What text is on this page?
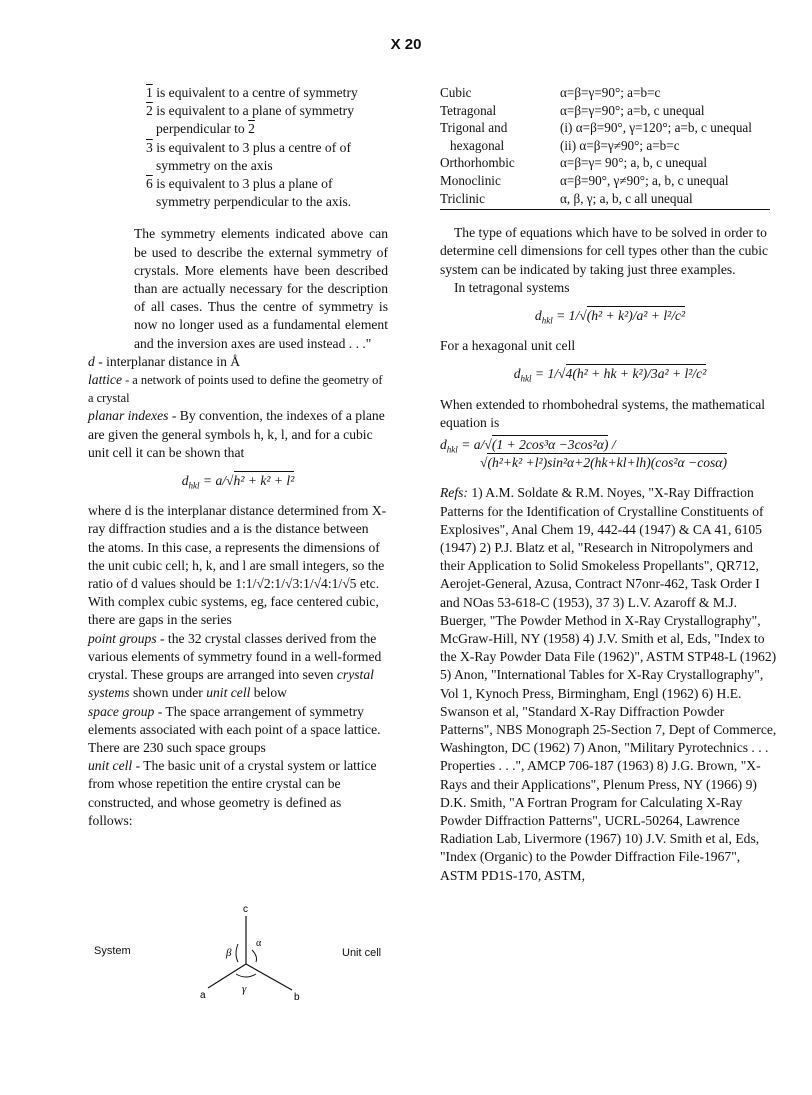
X 20

1 is equivalent to a centre of symmetry

2 is equivalent to a plane of symmetry perpendicular to 2

3 is equivalent to 3 plus a centre of of symmetry on the axis

6 is equivalent to 3 plus a plane of symmetry perpendicular to the axis.

The symmetry elements indicated above can be used to describe the external symmetry of crystals. More elements have been described than are actually necessary for the description of all cases. Thus the centre of symmetry is now no longer used as a fundamental element and the inversion axes are used instead . . ."

d - interplanar distance in Å

lattice - a network of points used to define the geometry of a crystal

planar indexes - By convention, the indexes of a plane are given the general symbols h, k, l, and for a cubic unit cell it can be shown that

$d_{hkl} = a/√h^2 + k^2 + l^2$

where d is the interplanar distance determined from X-ray diffraction studies and a is the distance between the atoms. In this case, a represents the dimensions of the unit cubic cell; h, k, and l are small integers, so the ratio of d values should be 1:1/√2:1/√3:1/√4:1/√5 etc. With complex cubic systems, eg, face centered cubic, there are gaps in the series

point groups - the 32 crystal classes derived from the various elements of symmetry found in a well-formed crystal. These groups are arranged into seven crystal systems shown under unit cell below

space group - The space arrangement of symmetry elements associated with each point of a space lattice. There are 230 such space groups

unit cell - The basic unit of a crystal system or lattice from whose repetition the entire crystal can be constructed, and whose geometry is defined as follows:

System	Unit cell
c
a	b
α
β
γ
Cubic	α=β=γ=90°; a=b=c
Tetragonal	α=β=γ=90°; a=b, c unequal
Trigonal and	(i) α=β=90°, γ=120°; a=b, c unequal
hexagonal	(ii) α=β=γ≠90°; a=b=c
Orthorhombic	α=β=γ= 90°; a, b, c unequal
Monoclinic	α=β=90°, γ≠90°; a, b, c unequal
Triclinic	α, β, γ; a, b, c all unequal

The type of equations which have to be solved in order to determine cell dimensions for cell types other than the cubic system can be indicated by taking just three examples.

In tetragonal systems

$d_{hkl} = 1/√(h^2 + k^2)/a^2 + l^2/c^2$

For a hexagonal unit cell

$d_{hkl} = 1/√4(h^2$ + hk + k²)/3a² + l²/c²

When extended to rhombohedral systems, the mathematical equation is

$d_{hkl} = a/√(1 + 2\cos^3\alpha -3\cos^2\alpha)$ /
√(h²+k² +l²)sin²α+2(hk+kl+lh)(cos²α −cosα)

Refs: 1) A.M. Soldate & R.M. Noyes, "X-Ray Diffraction Patterns for the Identification of Crystalline Constituents of Explosives", Anal Chem 19, 442-44 (1947) & CA 41, 6105 (1947) 2) P.J. Blatz et al, "Research in Nitropolymers and their Application to Solid Smokeless Propellants", QR712, Aerojet-General, Azusa, Contract N7onr-462, Task Order I and NOas 53-618-C (1953), 37 3) L.V. Azaroff & M.J. Buerger, "The Powder Method in X-Ray Crystallography", McGraw-Hill, NY (1958) 4) J.V. Smith et al, Eds, "Index to the X-Ray Powder Data File (1962)", ASTM STP48-L (1962) 5) Anon, "International Tables for X-Ray Crystallography", Vol 1, Kynoch Press, Birmingham, Engl (1962) 6) H.E. Swanson et al, "Standard X-Ray Diffraction Powder Patterns", NBS Monograph 25-Section 7, Dept of Commerce, Washington, DC (1962) 7) Anon, "Military Pyrotechnics . . . Properties . . .", AMCP 706-187 (1963) 8) J.G. Brown, "X-Rays and their Applications", Plenum Press, NY (1966) 9) D.K. Smith, "A Fortran Program for Calculating X-Ray Powder Diffraction Patterns", UCRL-50264, Lawrence Radiation Lab, Livermore (1967) 10) J.V. Smith et al, Eds, "Index (Organic) to the Powder Diffraction File-1967", ASTM PD1S-170, ASTM,
